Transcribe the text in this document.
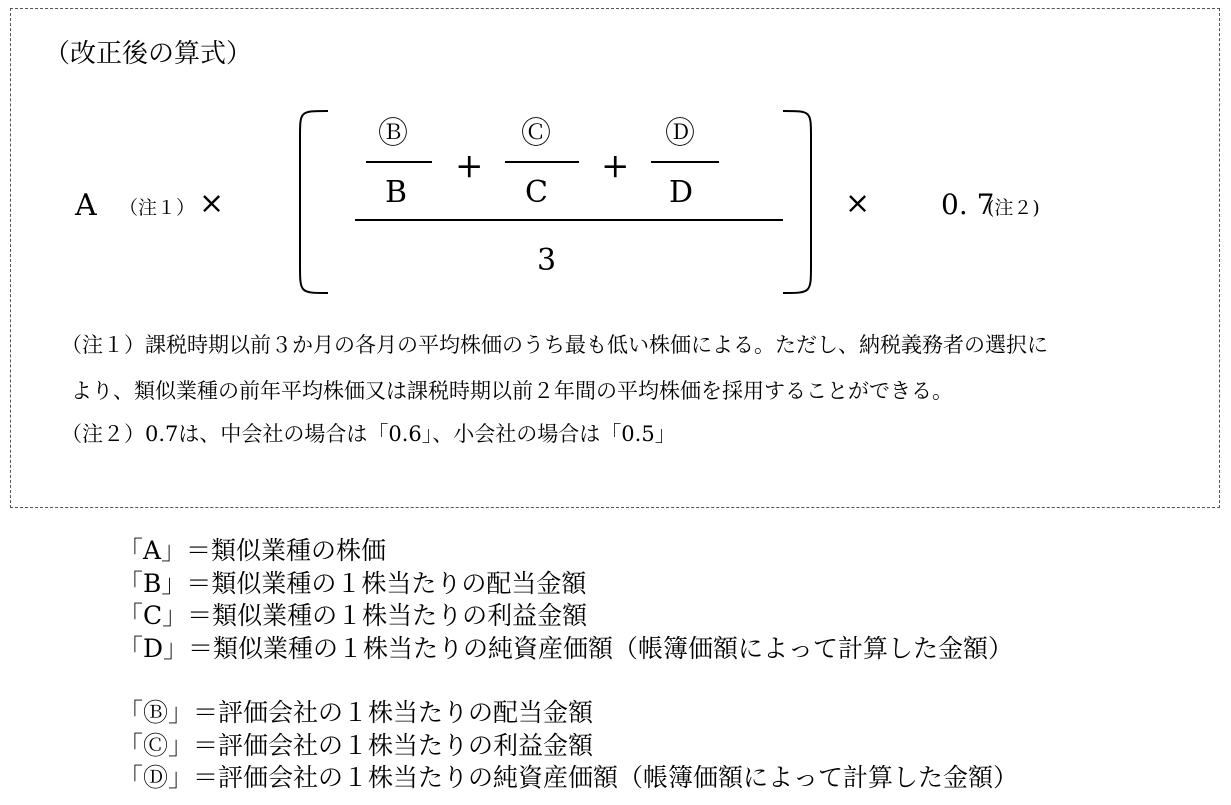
（改正後の算式）
A （注１） ×
Ⓑ
B
+
Ⓒ
C
+
Ⓓ
D
3
×	0. 7
(注２)
（注１）課税時期以前３か月の各月の平均株価のうち最も低い株価による。ただし、納税義務者の選択に
より、類似業種の前年平均株価又は課税時期以前２年間の平均株価を採用することができる。
（注２）0.7は、中会社の場合は「0.6」、小会社の場合は「0.5」
「A」＝類似業種の株価
「B」＝類似業種の１株当たりの配当金額
「C」＝類似業種の１株当たりの利益金額
「D」＝類似業種の１株当たりの純資産価額（帳簿価額によって計算した金額）
「Ⓑ」＝評価会社の１株当たりの配当金額
「Ⓒ」＝評価会社の１株当たりの利益金額
「Ⓓ」＝評価会社の１株当たりの純資産価額（帳簿価額によって計算した金額）
